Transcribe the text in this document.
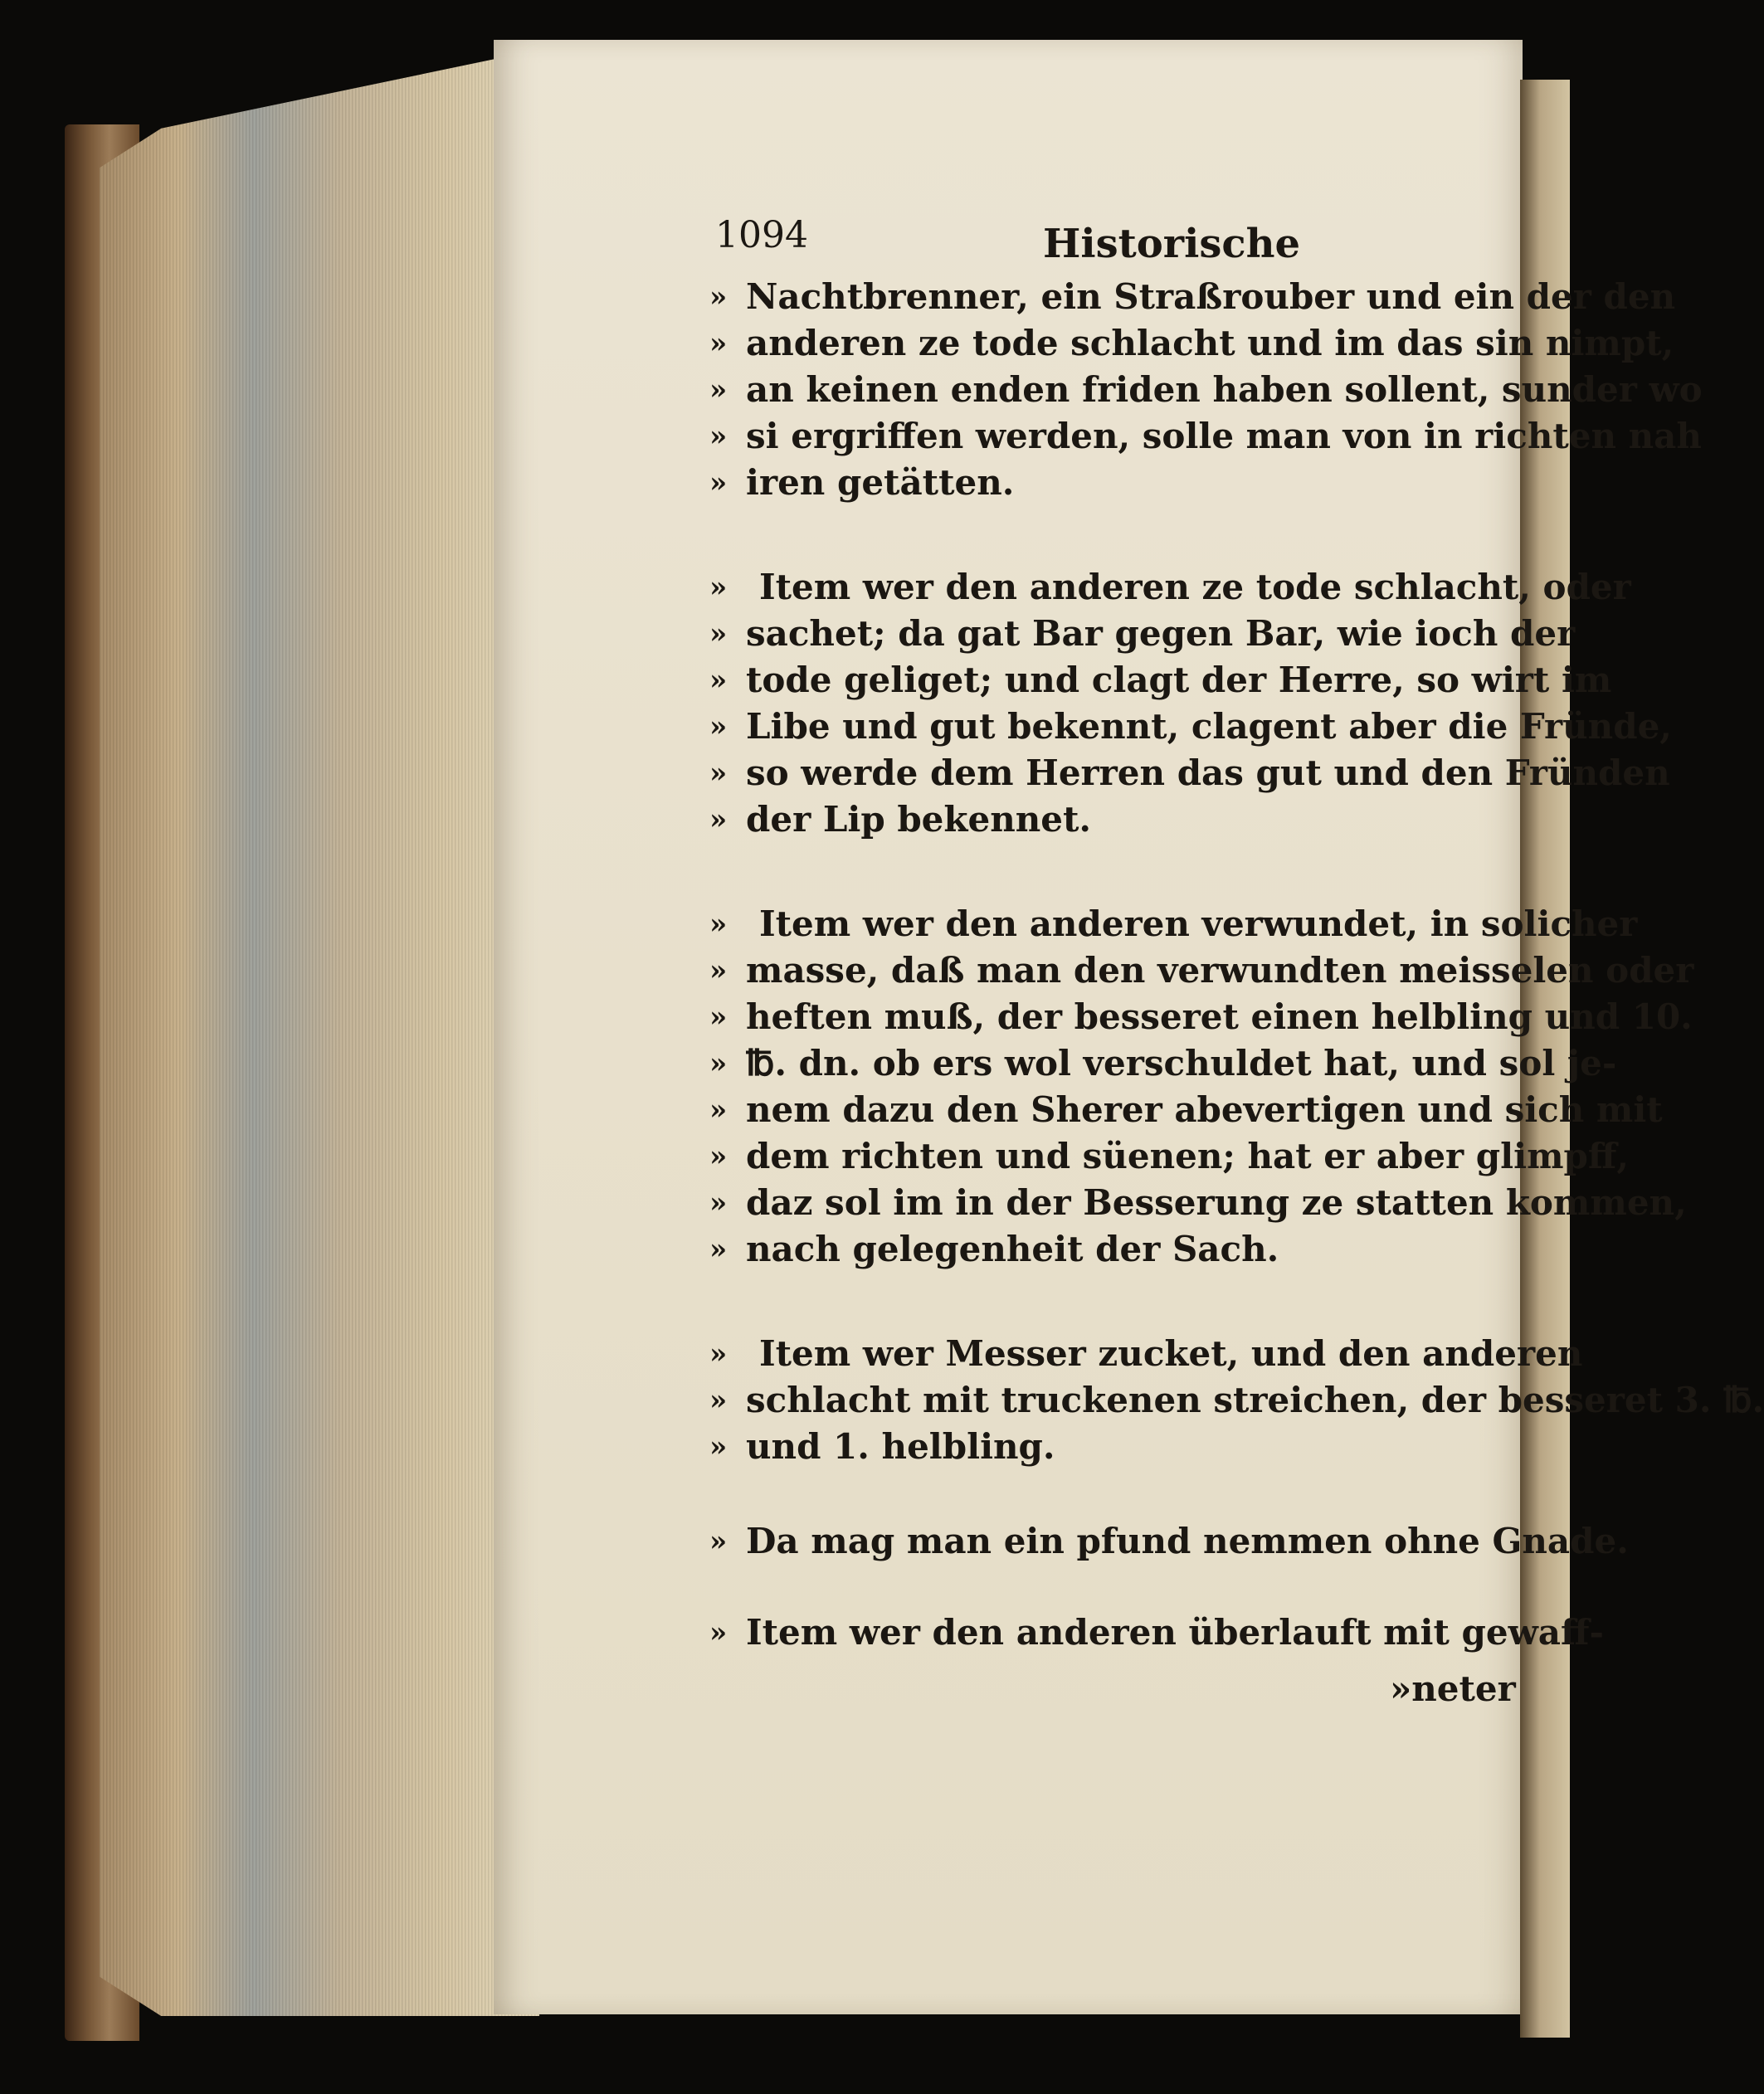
1094	Historische
» Nachtbrenner, ein Straßrouber und ein der den
» anderen ze tode schlacht und im das sin nimpt,
» an keinen enden friden haben sollent, sunder wo
» si ergriffen werden, solle man von in richten nah
» iren getätten.
» Item wer den anderen ze tode schlacht, oder
» sachet; da gat Bar gegen Bar, wie ioch der
» tode geliget; und clagt der Herre, so wirt im
» Libe und gut bekennt, clagent aber die Fründe,
» so werde dem Herren das gut und den Fründen
» der Lip bekennet.
» Item wer den anderen verwundet, in solicher
» masse, daß man den verwundten meisselen oder
» heften muß, der besseret einen helbling und 10.
» ℔. dn. ob ers wol verschuldet hat, und sol je-
» nem dazu den Sherer abevertigen und sich mit
» dem richten und süenen; hat er aber glimpff,
» daz sol im in der Besserung ze statten kommen,
» nach gelegenheit der Sach.
» Item wer Messer zucket, und den anderen
» schlacht mit truckenen streichen, der besseret 3. ℔.
» und 1. helbling.
» Da mag man ein pfund nemmen ohne Gnade.
» Item wer den anderen überlauft mit gewaff-
»neter
